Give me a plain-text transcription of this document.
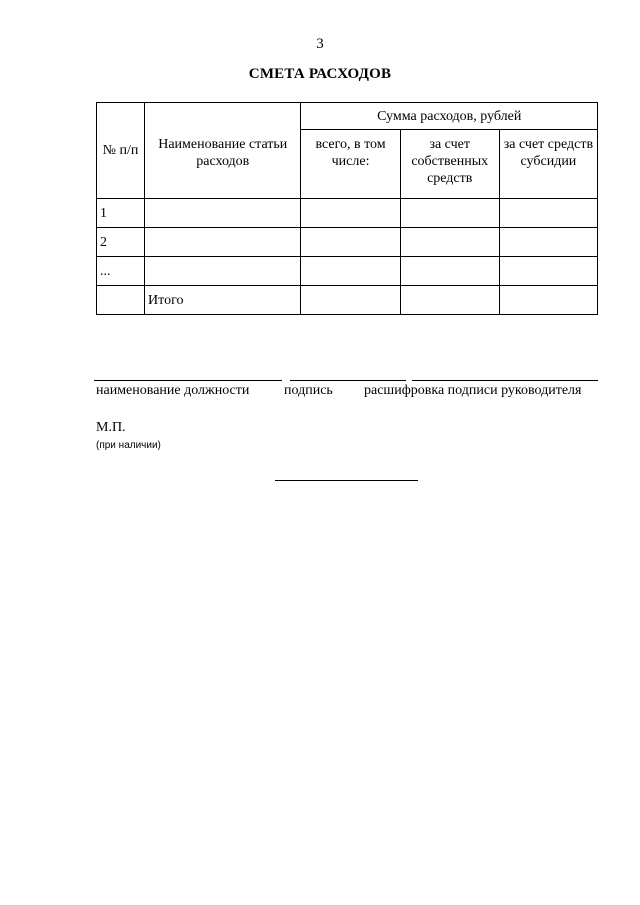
3
СМЕТА РАСХОДОВ
№ п/п	Наименование статьи расходов	Сумма расходов, рублей		
		всего, в том числе:	за счет собственных средств	за счет средств субсидии
1				
2				
...				
	Итого			
наименование должности подпись расшифровка подписи руководителя
М.П.
(при наличии)
